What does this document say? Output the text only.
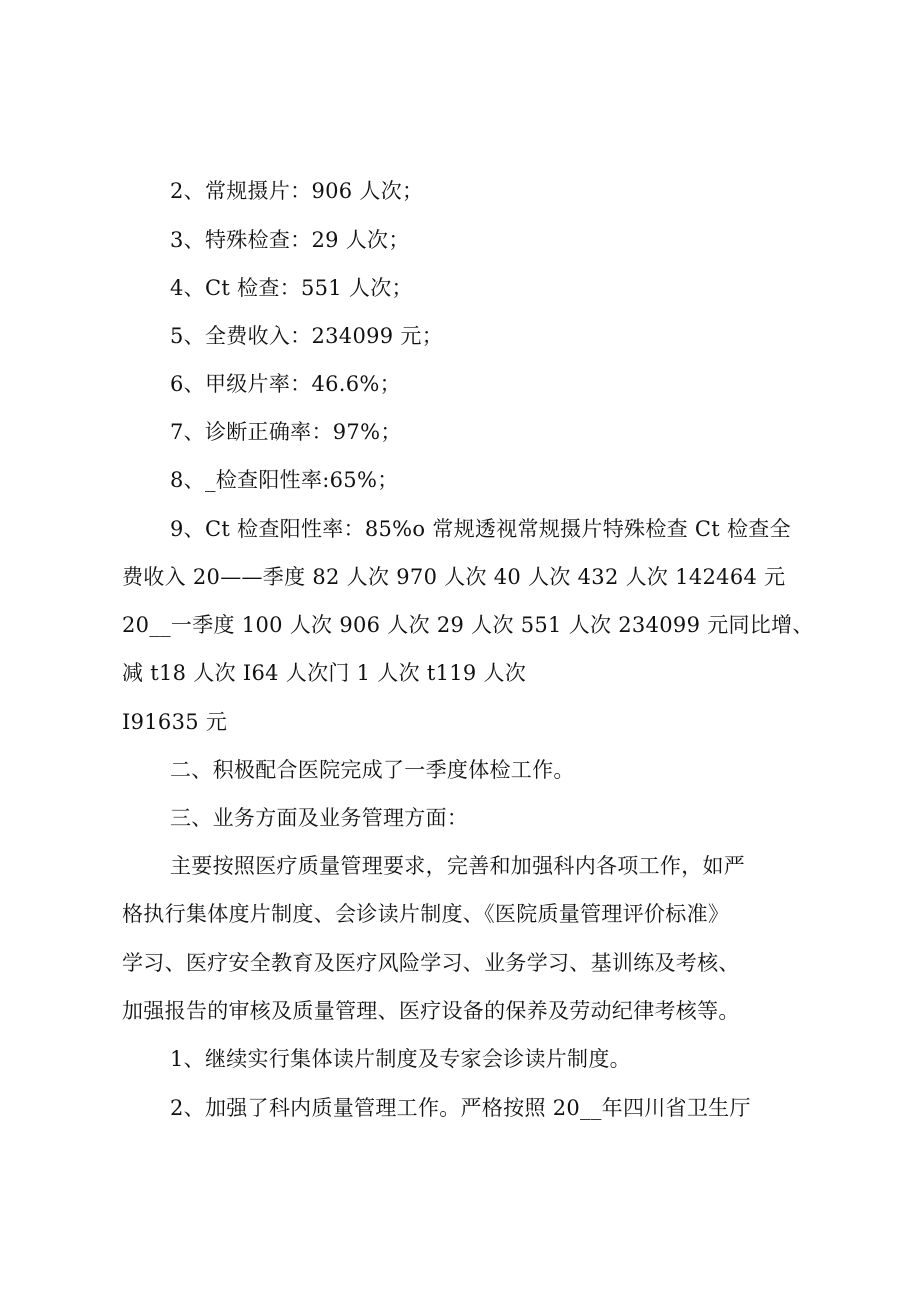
2、常规摄片：906 人次；
3、特殊检查：29 人次；
4、Ct 检查：551 人次；
5、全费收入：234099 元；
6、甲级片率：46.6%；
7、诊断正确率：97%；
8、_检查阳性率:65%；
9、Ct 检查阳性率：85%o 常规透视常规摄片特殊检查 Ct 检查全
费收入 20——季度 82 人次 970 人次 40 人次 432 人次 142464 元
20__一季度 100 人次 906 人次 29 人次 551 人次 234099 元同比增、
减 t18 人次 I64 人次门 1 人次 t119 人次
I91635 元
二、积极配合医院完成了一季度体检工作。
三、业务方面及业务管理方面：
主要按照医疗质量管理要求，完善和加强科内各项工作，如严
格执行集体度片制度、会诊读片制度、《医院质量管理评价标准》
学习、医疗安全教育及医疗风险学习、业务学习、基训练及考核、
加强报告的审核及质量管理、医疗设备的保养及劳动纪律考核等。
1、继续实行集体读片制度及专家会诊读片制度。
2、加强了科内质量管理工作。严格按照 20__年四川省卫生厅
